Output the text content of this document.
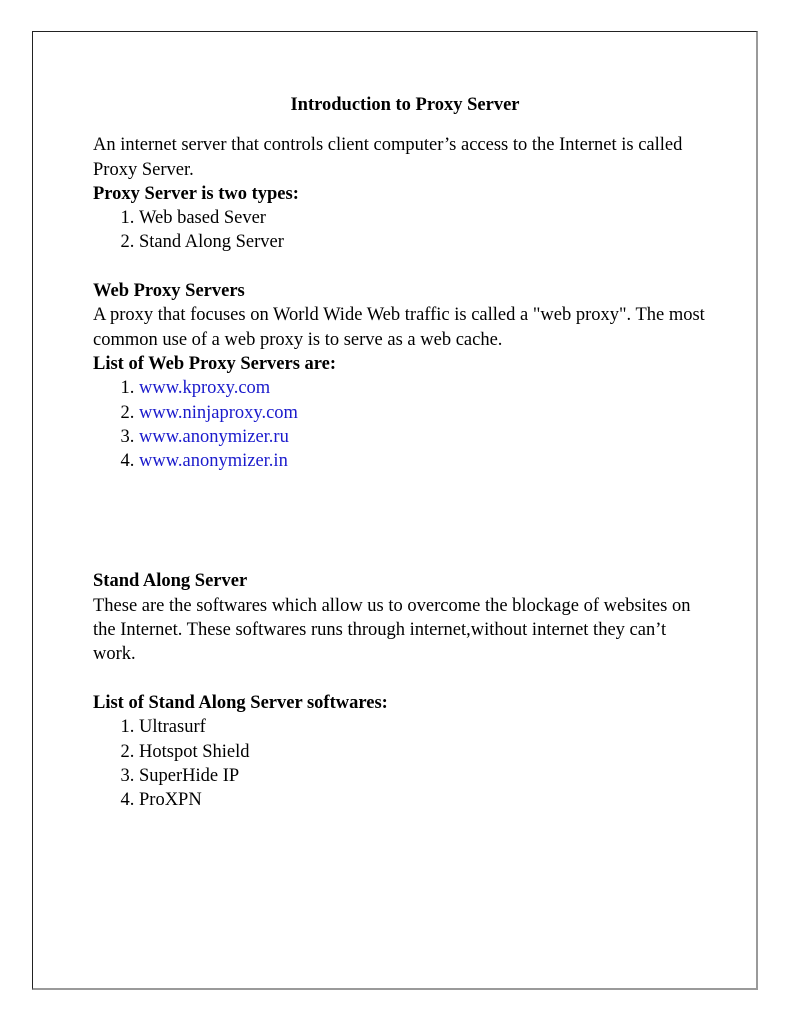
Introduction to Proxy Server

An internet server that controls client computer’s access to the Internet is called Proxy Server.

Proxy Server is two types:

1. Web based Sever
2. Stand Along Server

Web Proxy Servers

A proxy that focuses on World Wide Web traffic is called a "web proxy". The most common use of a web proxy is to serve as a web cache.

List of Web Proxy Servers are:

1. www.kproxy.com
2. www.ninjaproxy.com
3. www.anonymizer.ru
4. www.anonymizer.in

Stand Along Server

These are the softwares which allow us to overcome the blockage of websites on the Internet. These softwares runs through internet,without internet they can’t work.

List of Stand Along Server softwares:

1. Ultrasurf
2. Hotspot Shield
3. SuperHide IP
4. ProXPN
